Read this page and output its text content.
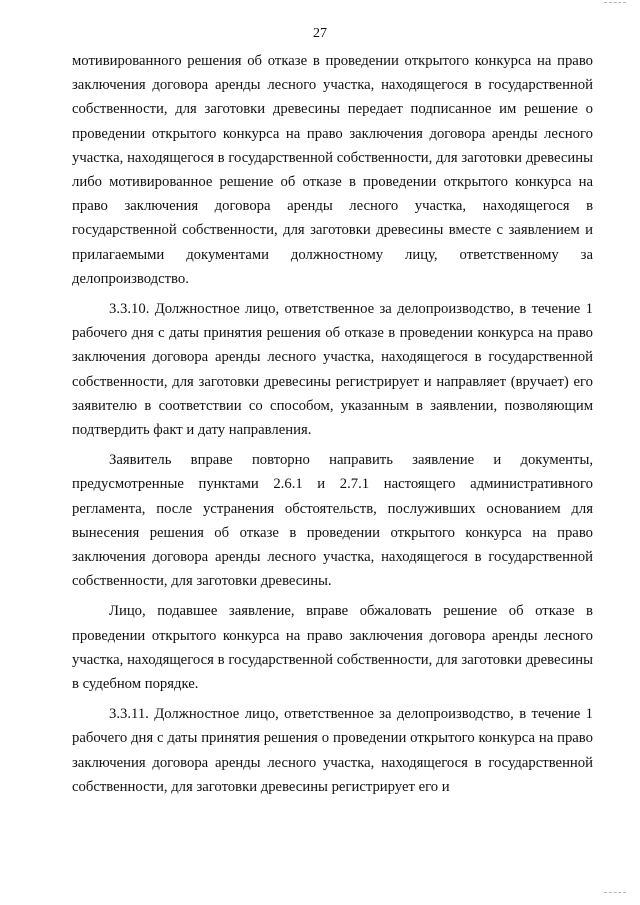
27

мотивированного решения об отказе в проведении открытого конкурса на право заключения договора аренды лесного участка, находящегося в государственной собственности, для заготовки древесины передает подписанное им решение о проведении открытого конкурса на право заключения договора аренды лесного участка, находящегося в государственной собственности, для заготовки древесины либо мотивированное решение об отказе в проведении открытого конкурса на право заключения договора аренды лесного участка, находящегося в государственной собственности, для заготовки древесины вместе с заявлением и прилагаемыми документами должностному лицу, ответственному за делопроизводство.

3.3.10. Должностное лицо, ответственное за делопроизводство, в течение 1 рабочего дня с даты принятия решения об отказе в проведении конкурса на право заключения договора аренды лесного участка, находящегося в государственной собственности, для заготовки древесины регистрирует и направляет (вручает) его заявителю в соответствии со способом, указанным в заявлении, позволяющим подтвердить факт и дату направления.

Заявитель вправе повторно направить заявление и документы, предусмотренные пунктами 2.6.1 и 2.7.1 настоящего административного регламента, после устранения обстоятельств, послуживших основанием для вынесения решения об отказе в проведении открытого конкурса на право заключения договора аренды лесного участка, находящегося в государственной собственности, для заготовки древесины.

Лицо, подавшее заявление, вправе обжаловать решение об отказе в проведении открытого конкурса на право заключения договора аренды лесного участка, находящегося в государственной собственности, для заготовки древесины в судебном порядке.

3.3.11. Должностное лицо, ответственное за делопроизводство, в течение 1 рабочего дня с даты принятия решения о проведении открытого конкурса на право заключения договора аренды лесного участка, находящегося в государственной собственности, для заготовки древесины регистрирует его и
